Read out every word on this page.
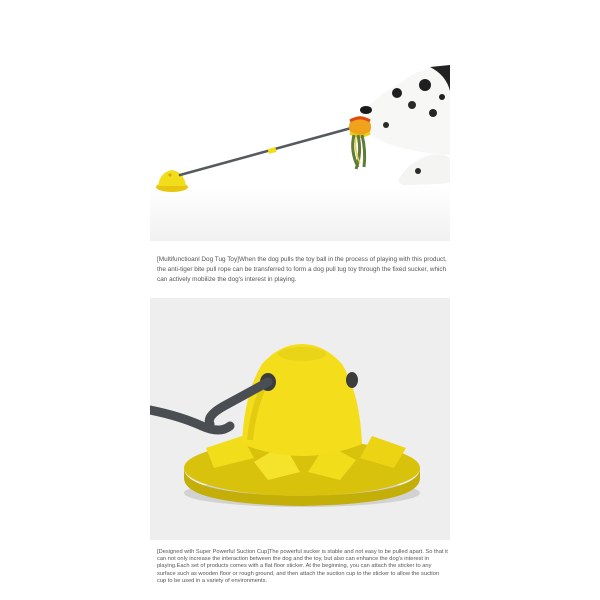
[Multifunctioanl Dog Tug Toy]When the dog pulls the toy ball in the process of playing with this product, the anti-tiger bite pull rope can be transferred to form a dog pull tug toy through the fixed sucker, which can actively mobilize the dog's interest in playing.

[Designed with Super Powerful Suction Cup]The powerful sucker is stable and not easy to be pulled apart. So that it can not only increase the interaction between the dog and the toy, but also can enhance the dog's interest in playing.Each set of products comes with a flat floor sticker. At the beginning, you can attach the sticker to any surface such as wooden floor or rough ground, and then attach the suction cup to the sticker to allow the suction cup to be used in a variety of environments.
